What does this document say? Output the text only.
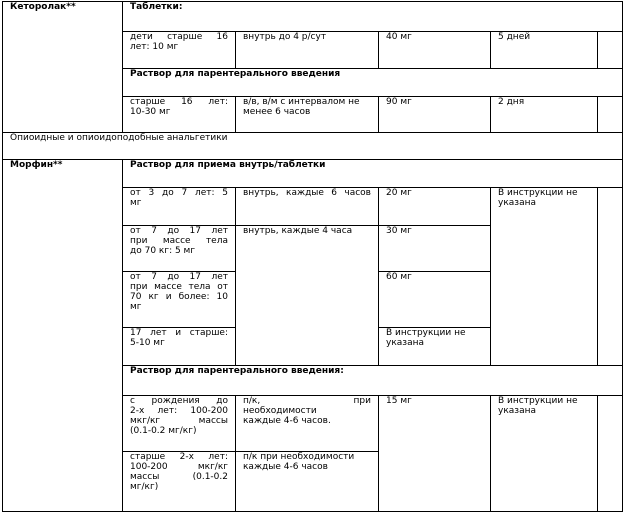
Кеторолак**	Таблетки:				

	дети старше 16
лет: 10 мг	внутрь до 4 р/сут	40 мг	5 дней	
	Раствор для парентерального введения				

	старше 16 лет:
10-30 мг	в/в, в/м с интервалом не менее 6 часов	90 мг	2 дня	
Опиоидные и опиоидоподобные анальгетики					
Морфин**	Раствор для приема внутрь/таблетки				

	от 3 до 7 лет: 5
мг	внутрь, каждые 6 часов	20 мг	В инструкции не указана	

	от 7 до 17 лет
при массе тела
до 70 кг: 5 мг	внутрь, каждые 4 часа	30 мг		

	от 7 до 17 лет
при массе тела от
70 кг и более: 10
мг		60 мг		

	17 лет и старше:
5-10 мг		В инструкции не указана		
	Раствор для парентерального введения:				

	с рождения до
2-х лет: 100-200
мкг/кг массы
(0.1-0.2 мг/кг)	п/к, при
необходимости
каждые 4-6 часов.	15 мг	В инструкции не указана	

	старше 2-х лет:
100-200 мкг/кг
массы (0.1-0.2
мг/кг)	п/к при необходимости каждые 4-6 часов			
